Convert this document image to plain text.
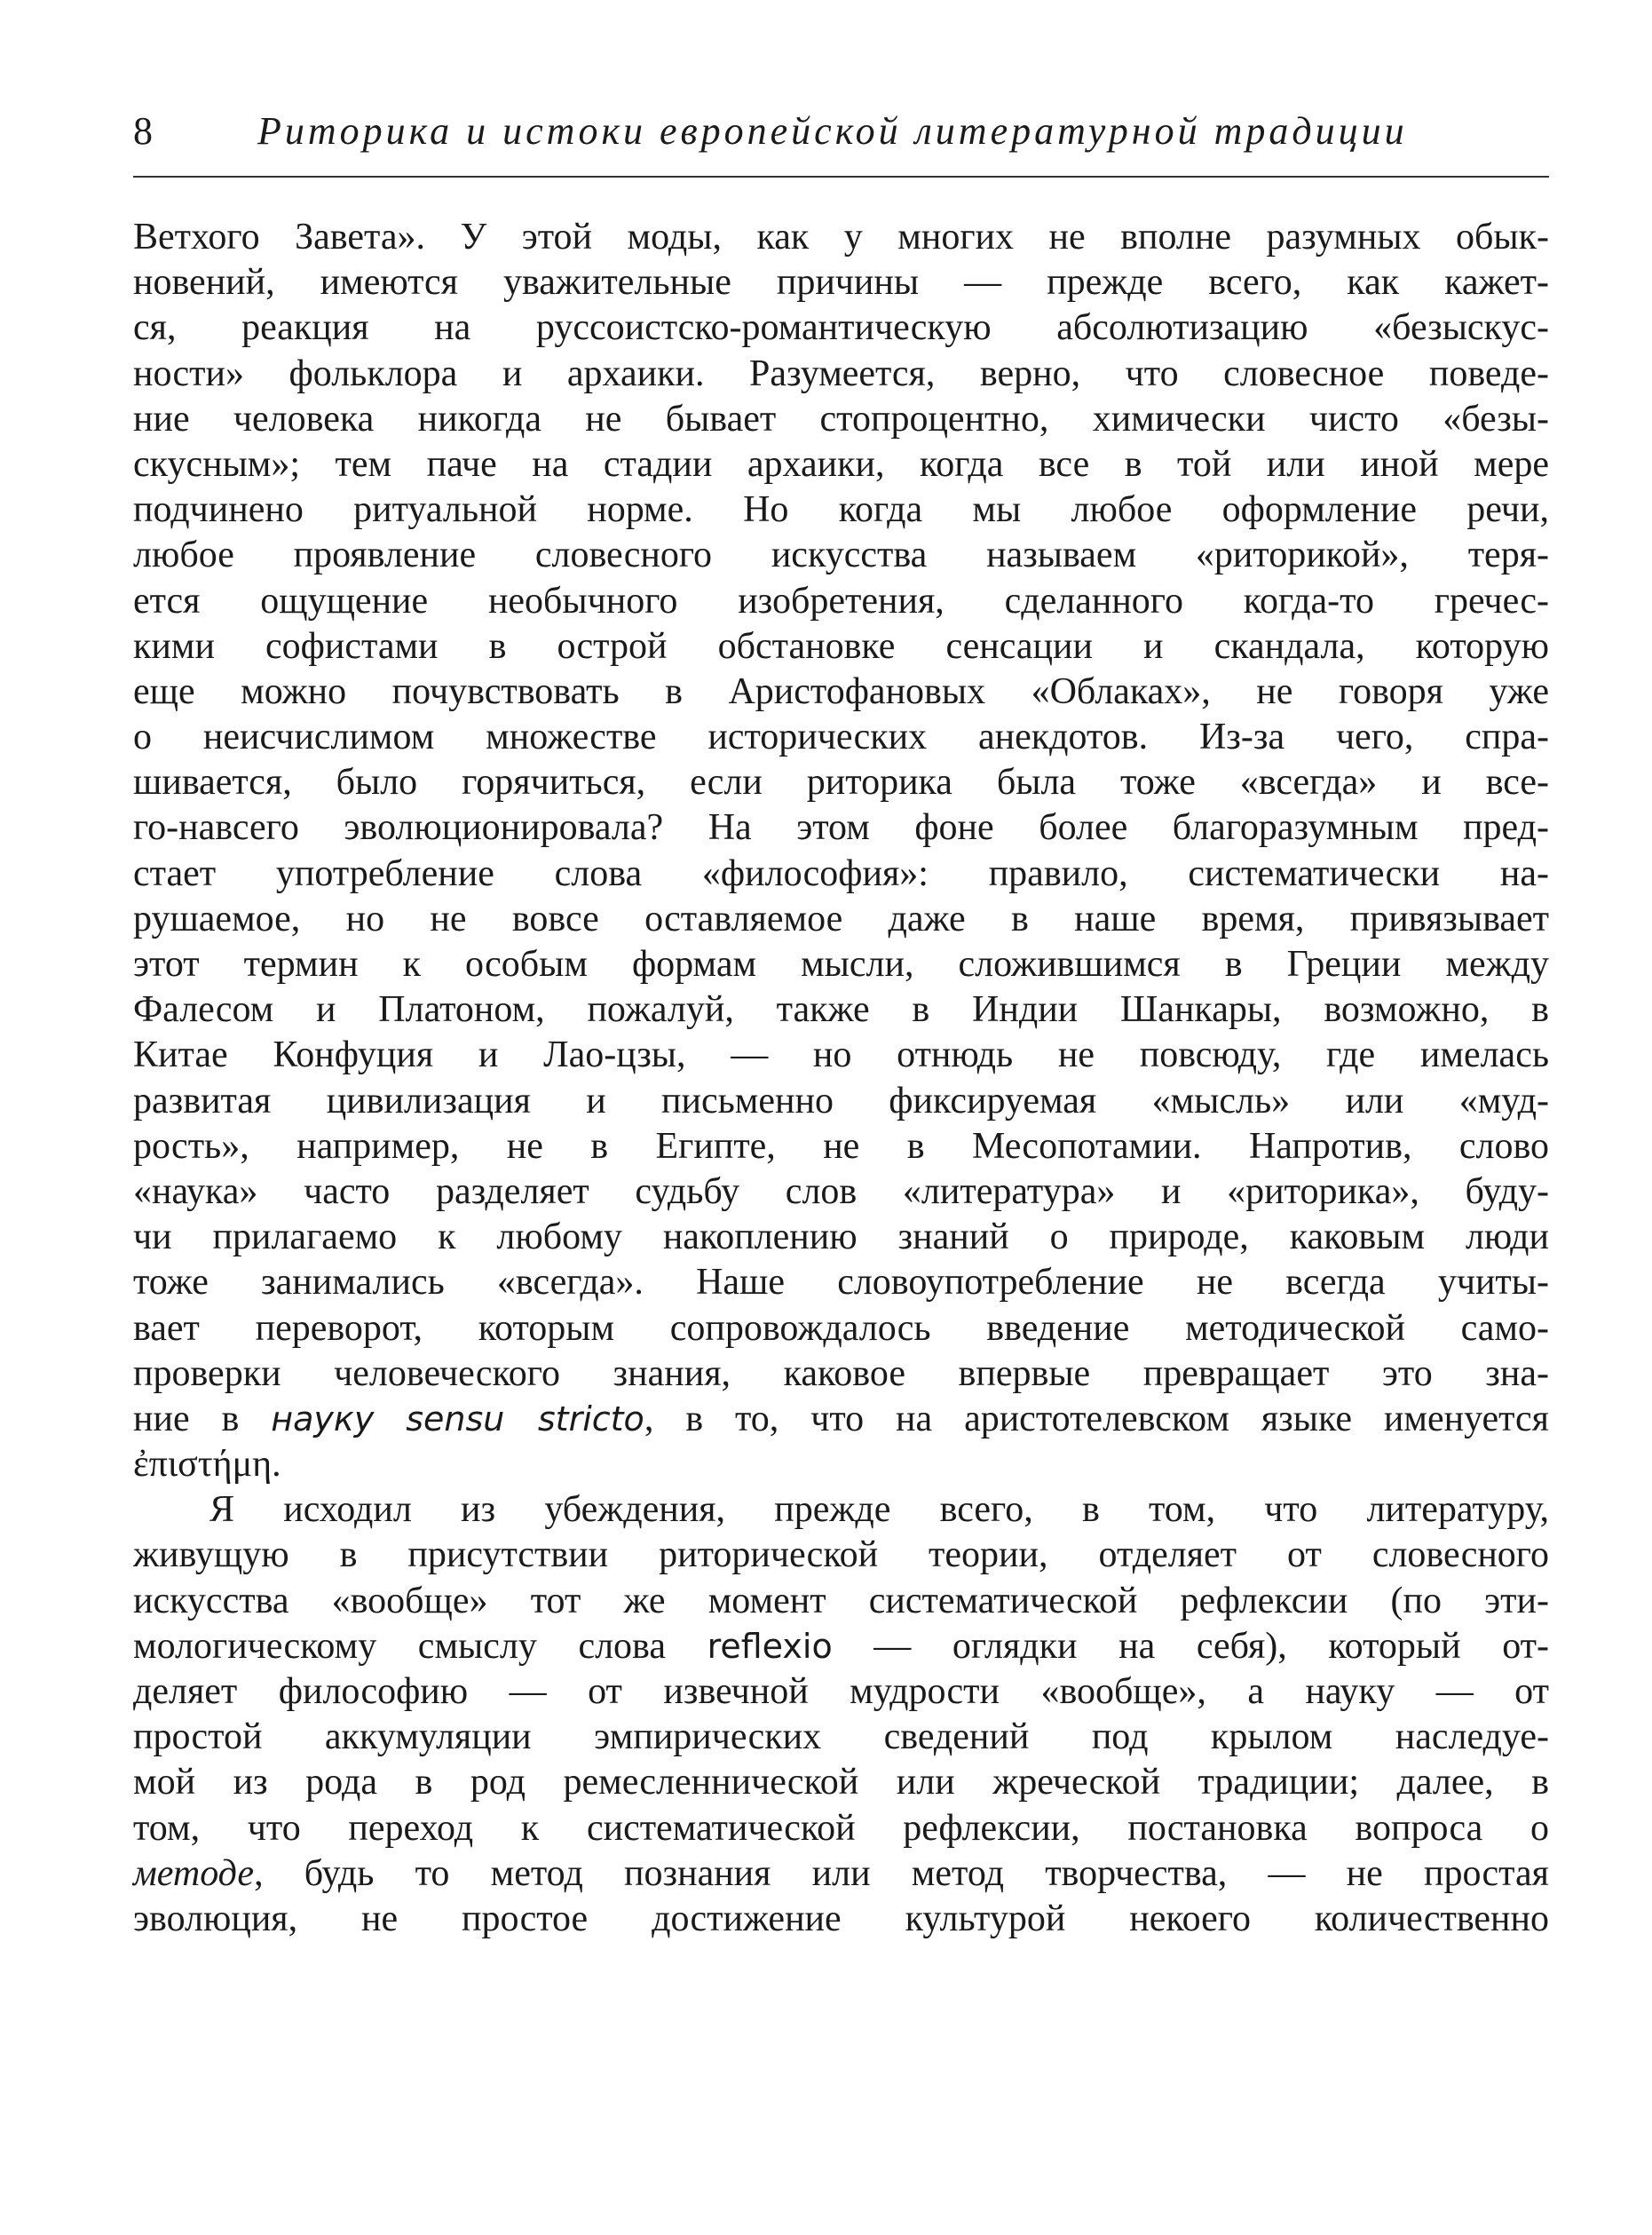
8	Риторика и истоки европейской литературной традиции
Ветхого Завета». У этой моды, как у многих не вполне разумных обык-
новений, имеются уважительные причины — прежде всего, как кажет-
ся, реакция на руссоистско-романтическую абсолютизацию «безыскус-
ности» фольклора и архаики. Разумеется, верно, что словесное поведе-
ние человека никогда не бывает стопроцентно, химически чисто «безы-
скусным»; тем паче на стадии архаики, когда все в той или иной мере
подчинено ритуальной норме. Но когда мы любое оформление речи,
любое проявление словесного искусства называем «риторикой», теря-
ется ощущение необычного изобретения, сделанного когда-то гречес-
кими софистами в острой обстановке сенсации и скандала, которую
еще можно почувствовать в Аристофановых «Облаках», не говоря уже
о неисчислимом множестве исторических анекдотов. Из-за чего, спра-
шивается, было горячиться, если риторика была тоже «всегда» и все-
го-навсего эволюционировала? На этом фоне более благоразумным пред-
стает употребление слова «философия»: правило, систематически на-
рушаемое, но не вовсе оставляемое даже в наше время, привязывает
этот термин к особым формам мысли, сложившимся в Греции между
Фалесом и Платоном, пожалуй, также в Индии Шанкары, возможно, в
Китае Конфуция и Лао-цзы, — но отнюдь не повсюду, где имелась
развитая цивилизация и письменно фиксируемая «мысль» или «муд-
рость», например, не в Египте, не в Месопотамии. Напротив, слово
«наука» часто разделяет судьбу слов «литература» и «риторика», буду-
чи прилагаемо к любому накоплению знаний о природе, каковым люди
тоже занимались «всегда». Наше словоупотребление не всегда учиты-
вает переворот, которым сопровождалось введение методической само-
проверки человеческого знания, каковое впервые превращает это зна-
ние в науку sensu stricto, в то, что на аристотелевском языке именуется
ἐπιστήμη.
Я исходил из убеждения, прежде всего, в том, что литературу,
живущую в присутствии риторической теории, отделяет от словесного
искусства «вообще» тот же момент систематической рефлексии (по эти-
мологическому смыслу слова reflexio — оглядки на себя), который от-
деляет философию — от извечной мудрости «вообще», а науку — от
простой аккумуляции эмпирических сведений под крылом наследуе-
мой из рода в род ремесленнической или жреческой традиции; далее, в
том, что переход к систематической рефлексии, постановка вопроса о
методе, будь то метод познания или метод творчества, — не простая
эволюция, не простое достижение культурой некоего количественно
